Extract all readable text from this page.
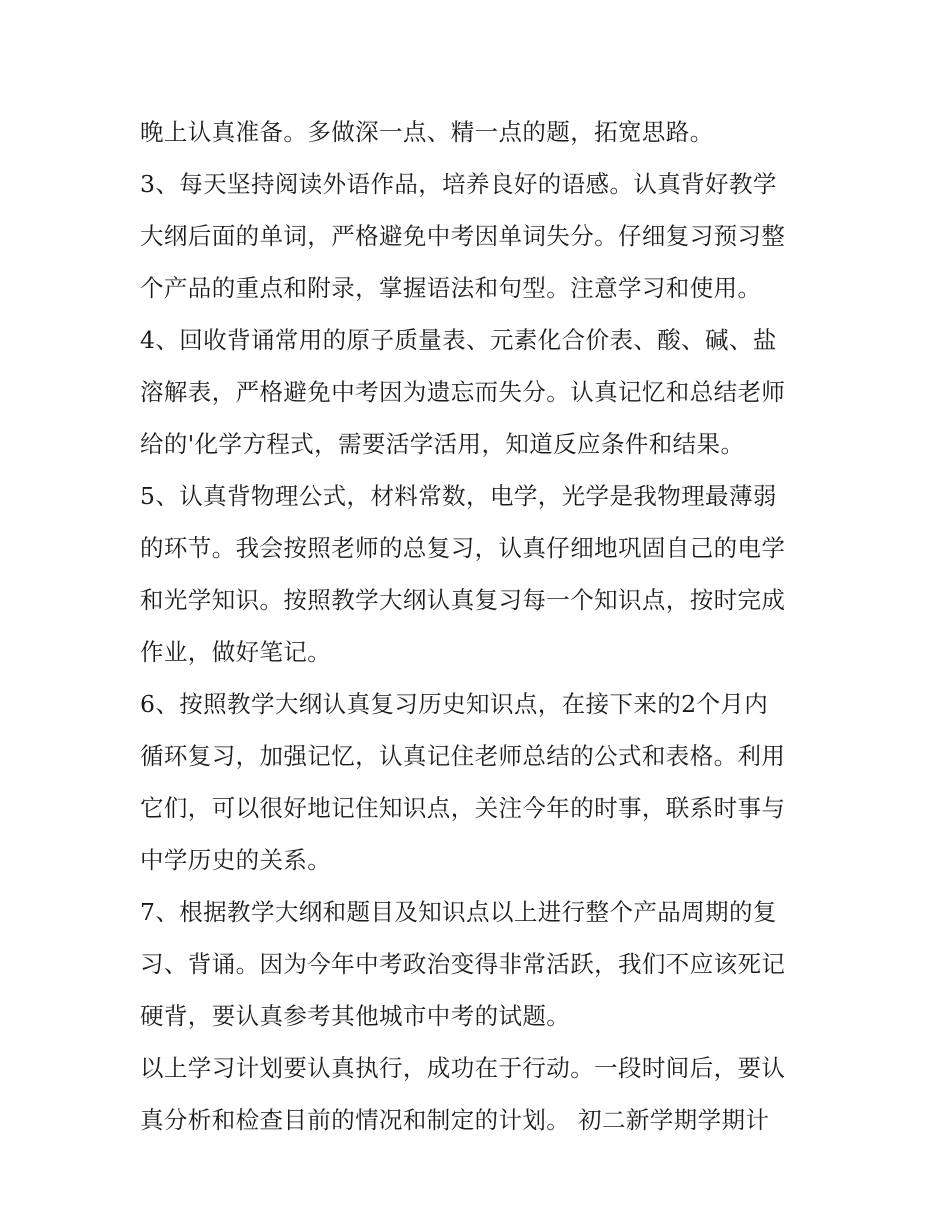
晚上认真准备。多做深一点、精一点的题，拓宽思路。
3、每天坚持阅读外语作品，培养良好的语感。认真背好教学
大纲后面的单词，严格避免中考因单词失分。仔细复习预习整
个产品的重点和附录，掌握语法和句型。注意学习和使用。
4、回收背诵常用的原子质量表、元素化合价表、酸、碱、盐
溶解表，严格避免中考因为遗忘而失分。认真记忆和总结老师
给的'化学方程式，需要活学活用，知道反应条件和结果。
5、认真背物理公式，材料常数，电学，光学是我物理最薄弱
的环节。我会按照老师的总复习，认真仔细地巩固自己的电学
和光学知识。按照教学大纲认真复习每一个知识点，按时完成
作业，做好笔记。
6、按照教学大纲认真复习历史知识点，在接下来的2个月内
循环复习，加强记忆，认真记住老师总结的公式和表格。利用
它们，可以很好地记住知识点，关注今年的时事，联系时事与
中学历史的关系。
7、根据教学大纲和题目及知识点以上进行整个产品周期的复
习、背诵。因为今年中考政治变得非常活跃，我们不应该死记
硬背，要认真参考其他城市中考的试题。
以上学习计划要认真执行，成功在于行动。一段时间后，要认
真分析和检查目前的情况和制定的计划。 初二新学期学期计
